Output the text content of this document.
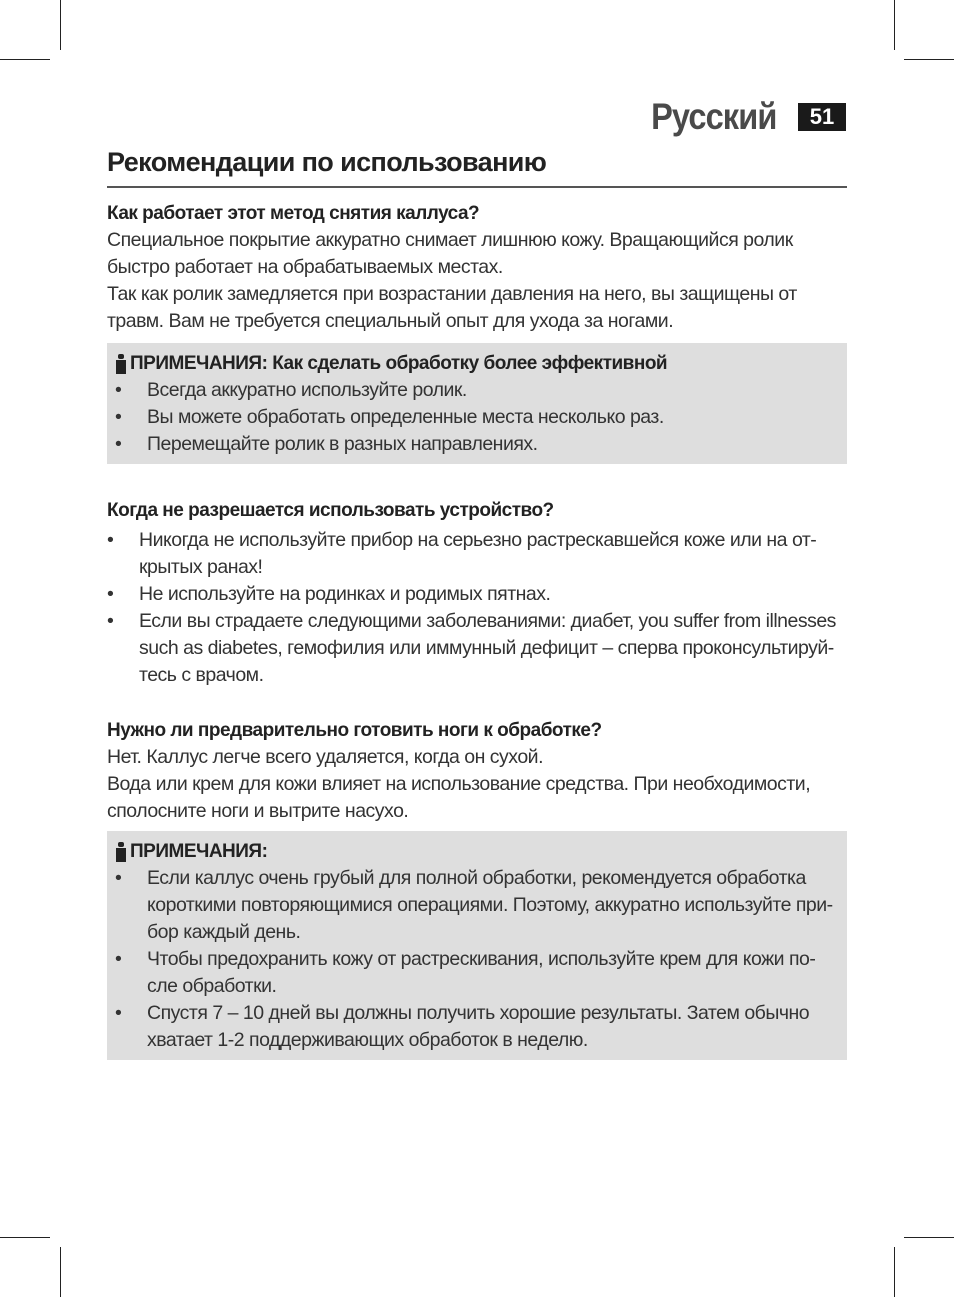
Русский	51
Рекомендации по использованию

Как работает этот метод снятия каллуса?

Специальное покрытие аккуратно снимает лишнюю кожу. Вращающийся ролик

быстро работает на обрабатываемых местах.

Так как ролик замедляется при возрастании давления на него, вы защищены от

травм. Вам не требуется специальный опыт для ухода за ногами.

ПРИМЕЧАНИЯ: Как сделать обработку более эффективной
• Всегда аккуратно используйте ролик.
• Вы можете обработать определенные места несколько раз.
• Перемещайте ролик в разных направлениях.

Когда не разрешается использовать устройство?

• Никогда не используйте прибор на серьезно растрескавшейся коже или на от-
крытых ранах!
• Не используйте на родинках и родимых пятнах.
• Если вы страдаете следующими заболеваниями: диабет, you suffer from illnesses
such as diabetes, гемофилия или иммунный дефицит – сперва проконсультируй-
тесь с врачом.

Нужно ли предварительно готовить ноги к обработке?

Нет. Каллус легче всего удаляется, когда он сухой.

Вода или крем для кожи влияет на использование средства. При необходимости,

сполосните ноги и вытрите насухо.

ПРИМЕЧАНИЯ:
• Если каллус очень грубый для полной обработки, рекомендуется обработка
короткими повторяющимися операциями. Поэтому, аккуратно используйте при-
бор каждый день.
• Чтобы предохранить кожу от растрескивания, используйте крем для кожи по-
сле обработки.
• Спустя 7 – 10 дней вы должны получить хорошие результаты. Затем обычно
хватает 1-2 поддерживающих обработок в неделю.
